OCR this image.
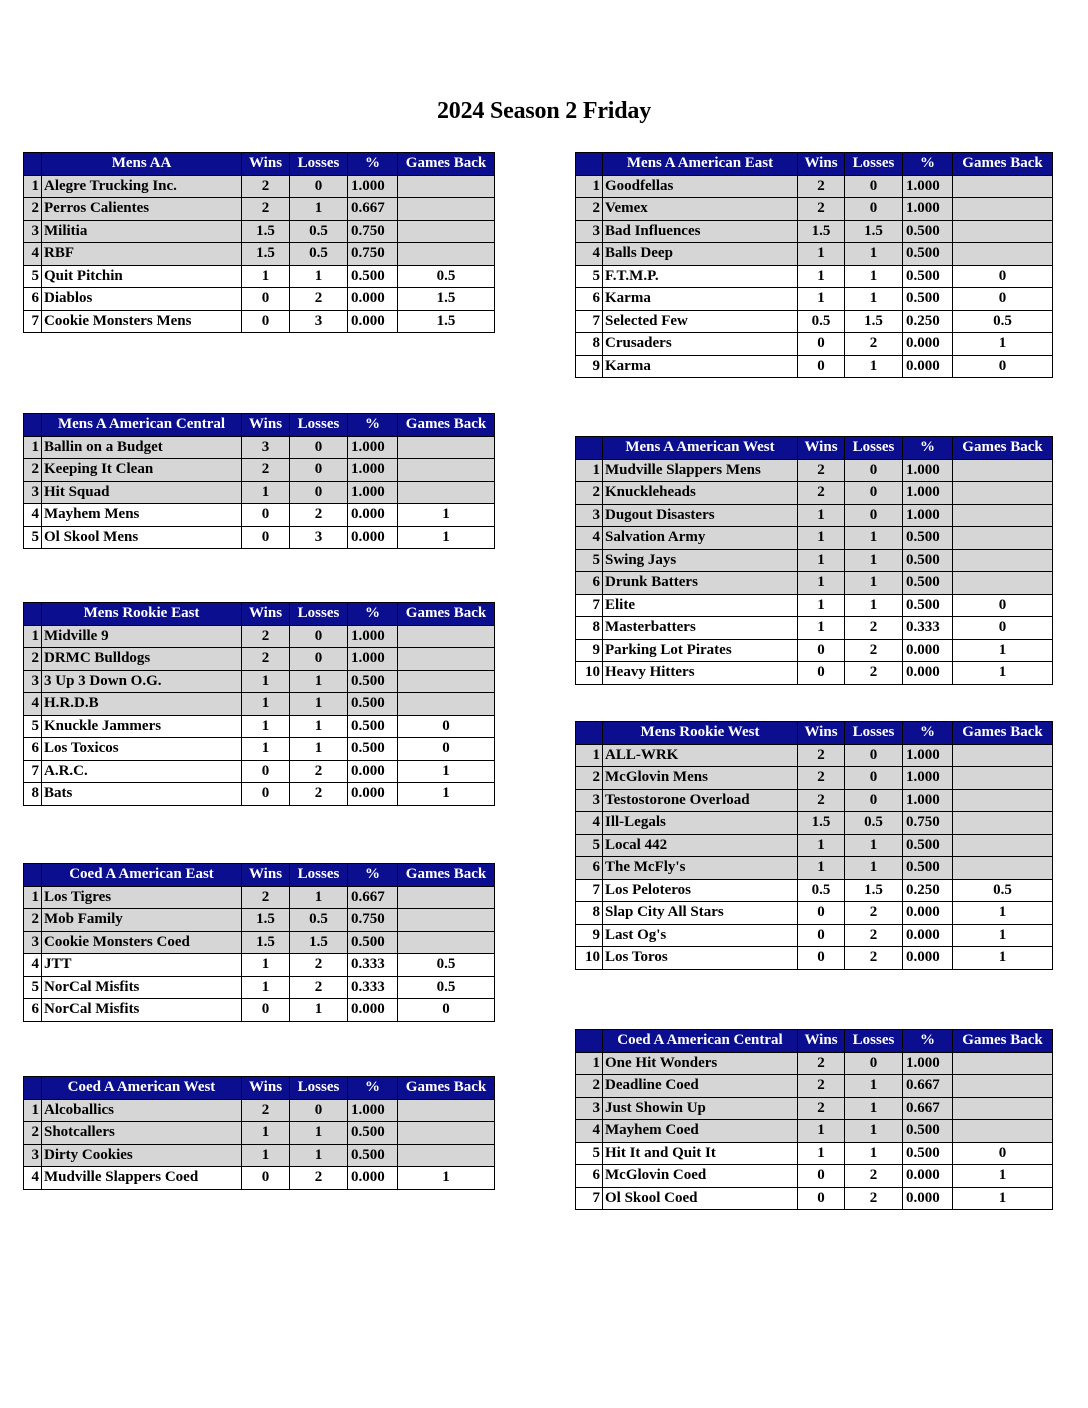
2024 Season 2 Friday
	Mens AA	Wins	Losses	%	Games Back
1	Alegre Trucking Inc.	2	0	1.000	
2	Perros Calientes	2	1	0.667	
3	Militia	1.5	0.5	0.750	
4	RBF	1.5	0.5	0.750	
5	Quit Pitchin	1	1	0.500	0.5
6	Diablos	0	2	0.000	1.5
7	Cookie Monsters Mens	0	3	0.000	1.5
	Mens A American Central	Wins	Losses	%	Games Back
1	Ballin on a Budget	3	0	1.000	
2	Keeping It Clean	2	0	1.000	
3	Hit Squad	1	0	1.000	
4	Mayhem Mens	0	2	0.000	1
5	Ol Skool Mens	0	3	0.000	1
	Mens Rookie East	Wins	Losses	%	Games Back
1	Midville 9	2	0	1.000	
2	DRMC Bulldogs	2	0	1.000	
3	3 Up 3 Down O.G.	1	1	0.500	
4	H.R.D.B	1	1	0.500	
5	Knuckle Jammers	1	1	0.500	0
6	Los Toxicos	1	1	0.500	0
7	A.R.C.	0	2	0.000	1
8	Bats	0	2	0.000	1
	Coed A American East	Wins	Losses	%	Games Back
1	Los Tigres	2	1	0.667	
2	Mob Family	1.5	0.5	0.750	
3	Cookie Monsters Coed	1.5	1.5	0.500	
4	JTT	1	2	0.333	0.5
5	NorCal Misfits	1	2	0.333	0.5
6	NorCal Misfits	0	1	0.000	0
	Coed A American West	Wins	Losses	%	Games Back
1	Alcoballics	2	0	1.000	
2	Shotcallers	1	1	0.500	
3	Dirty Cookies	1	1	0.500	
4	Mudville Slappers Coed	0	2	0.000	1
	Mens A American East	Wins	Losses	%	Games Back
1	Goodfellas	2	0	1.000	
2	Vemex	2	0	1.000	
3	Bad Influences	1.5	1.5	0.500	
4	Balls Deep	1	1	0.500	
5	F.T.M.P.	1	1	0.500	0
6	Karma	1	1	0.500	0
7	Selected Few	0.5	1.5	0.250	0.5
8	Crusaders	0	2	0.000	1
9	Karma	0	1	0.000	0
	Mens A American West	Wins	Losses	%	Games Back
1	Mudville Slappers Mens	2	0	1.000	
2	Knuckleheads	2	0	1.000	
3	Dugout Disasters	1	0	1.000	
4	Salvation Army	1	1	0.500	
5	Swing Jays	1	1	0.500	
6	Drunk Batters	1	1	0.500	
7	Elite	1	1	0.500	0
8	Masterbatters	1	2	0.333	0
9	Parking Lot Pirates	0	2	0.000	1
10	Heavy Hitters	0	2	0.000	1
	Mens Rookie West	Wins	Losses	%	Games Back
1	ALL-WRK	2	0	1.000	
2	McGlovin Mens	2	0	1.000	
3	Testostorone Overload	2	0	1.000	
4	Ill-Legals	1.5	0.5	0.750	
5	Local 442	1	1	0.500	
6	The McFly's	1	1	0.500	
7	Los Peloteros	0.5	1.5	0.250	0.5
8	Slap City All Stars	0	2	0.000	1
9	Last Og's	0	2	0.000	1
10	Los Toros	0	2	0.000	1
	Coed A American Central	Wins	Losses	%	Games Back
1	One Hit Wonders	2	0	1.000	
2	Deadline Coed	2	1	0.667	
3	Just Showin Up	2	1	0.667	
4	Mayhem Coed	1	1	0.500	
5	Hit It and Quit It	1	1	0.500	0
6	McGlovin Coed	0	2	0.000	1
7	Ol Skool Coed	0	2	0.000	1
